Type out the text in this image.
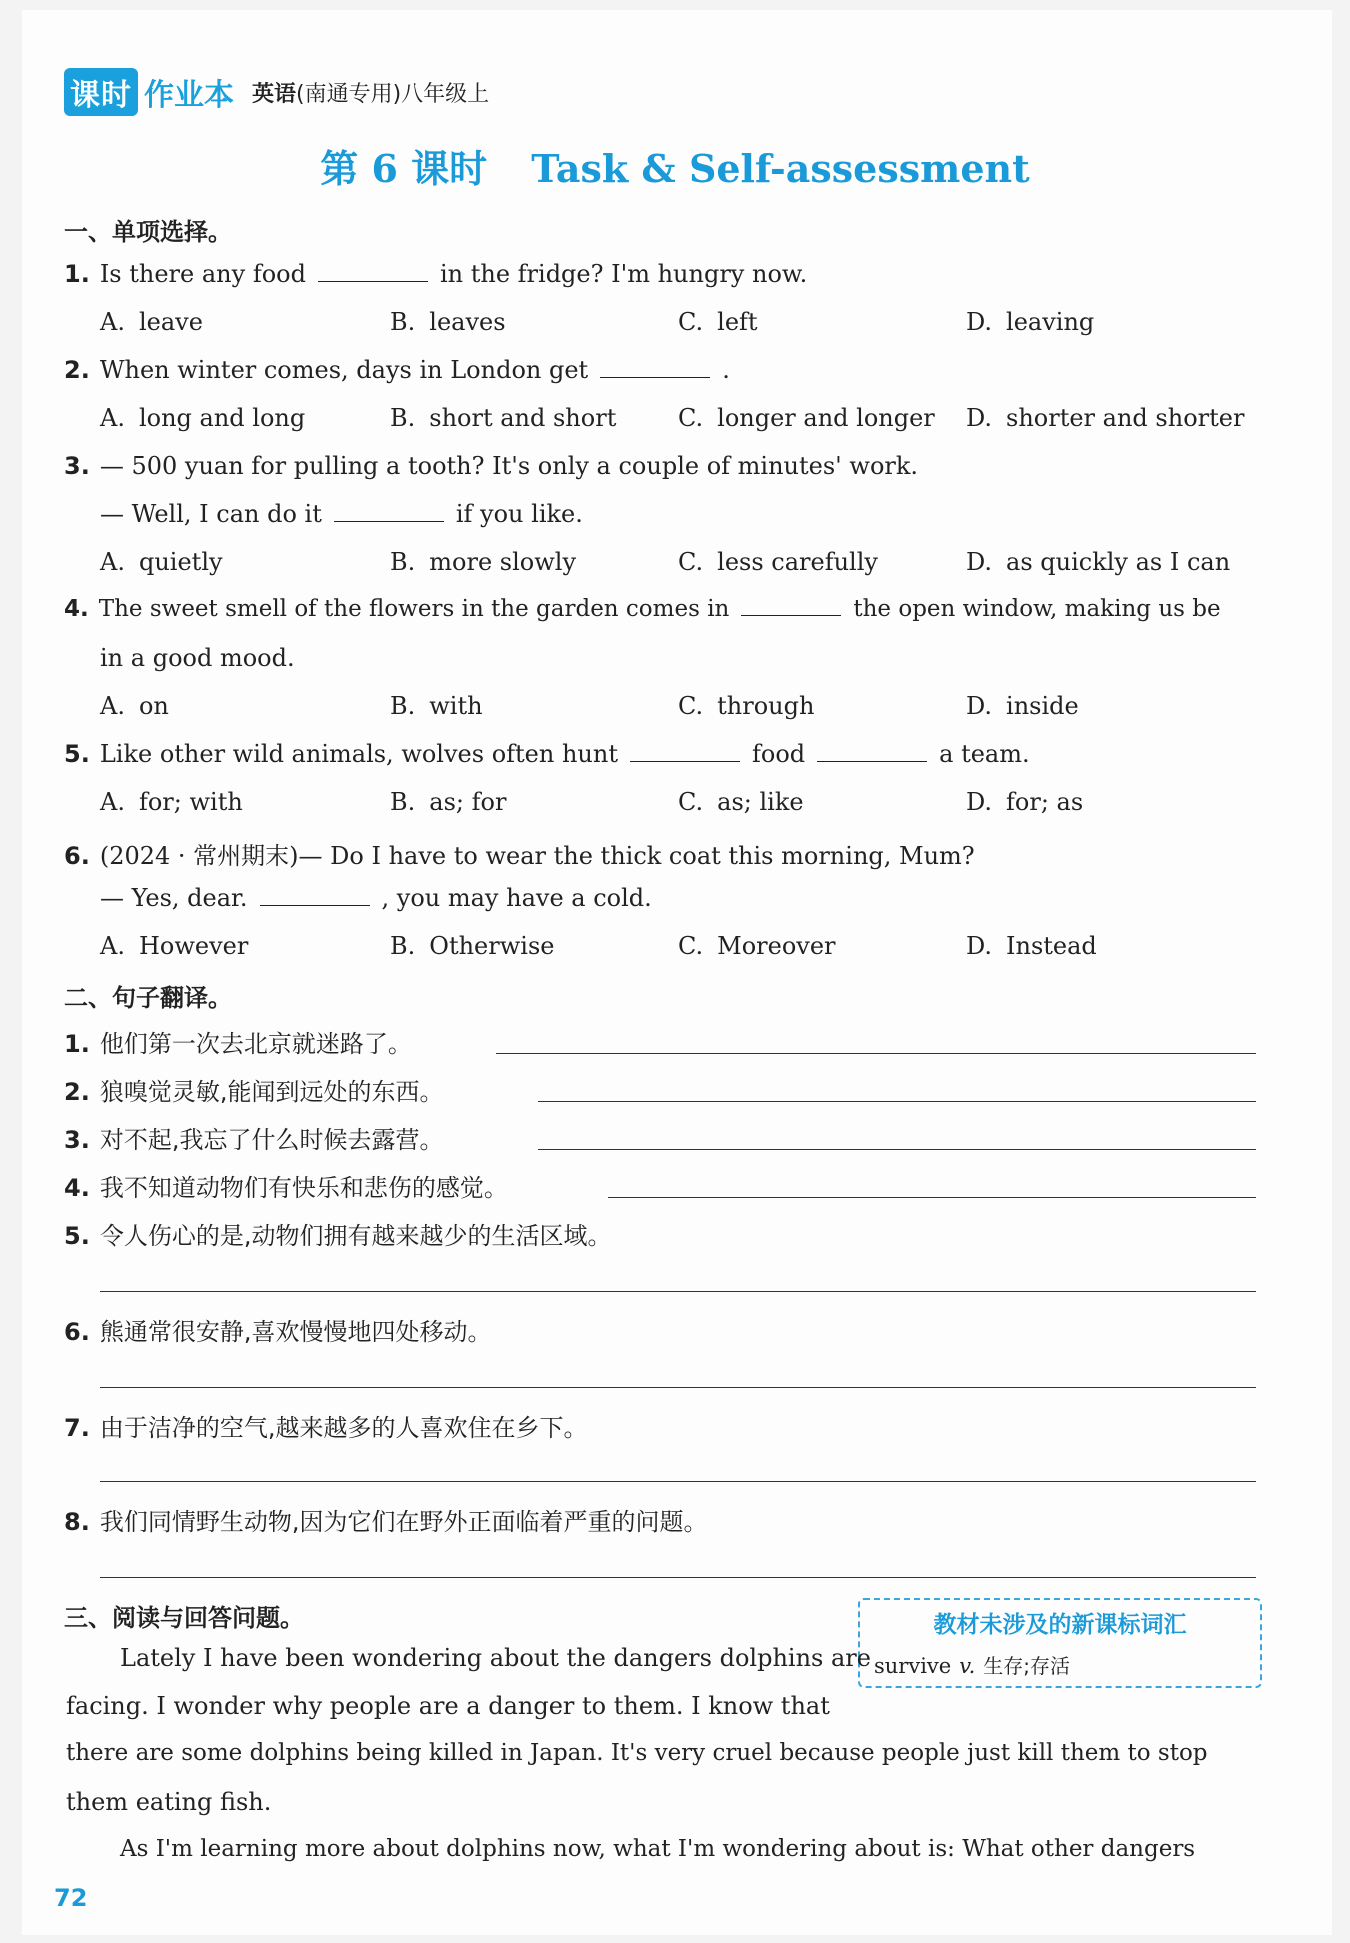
课时 作业本 英语(南通专用)八年级上
第 6 课时 Task & Self-assessment
一、单项选择。
1. Is there any food	in the fridge? I'm hungry now.
A. leave	B. leaves	C. left	D. leaving
2. When winter comes, days in London get	.
A. long and long	B. short and short	C. longer and longer D. shorter and shorter
3. — 500 yuan for pulling a tooth? It's only a couple of minutes' work.
— Well, I can do it	if you like.
A. quietly	B. more slowly	C. less carefully	D. as quickly as I can
4. The sweet smell of the flowers in the garden comes in	the open window, making us be
in a good mood.
A. on	B. with	C. through	D. inside
5. Like other wild animals, wolves often hunt	food	a team.
A. for; with	B. as; for	C. as; like	D. for; as
6. (2024 · 常州期末)— Do I have to wear the thick coat this morning, Mum?
— Yes, dear.	, you may have a cold.
A. However	B. Otherwise	C. Moreover	D. Instead
二、句子翻译。
1. 他们第一次去北京就迷路了。
2. 狼嗅觉灵敏,能闻到远处的东西。
3. 对不起,我忘了什么时候去露营。
4. 我不知道动物们有快乐和悲伤的感觉。
5. 令人伤心的是,动物们拥有越来越少的生活区域。
6. 熊通常很安静,喜欢慢慢地四处移动。
7. 由于洁净的空气,越来越多的人喜欢住在乡下。
8. 我们同情野生动物,因为它们在野外正面临着严重的问题。
三、阅读与回答问题。	教材未涉及的新课标词汇
survive v. 生存;存活
Lately I have been wondering about the dangers dolphins are
facing. I wonder why people are a danger to them. I know that
there are some dolphins being killed in Japan. It's very cruel because people just kill them to stop
them eating fish.
As I'm learning more about dolphins now, what I'm wondering about is: What other dangers
72
